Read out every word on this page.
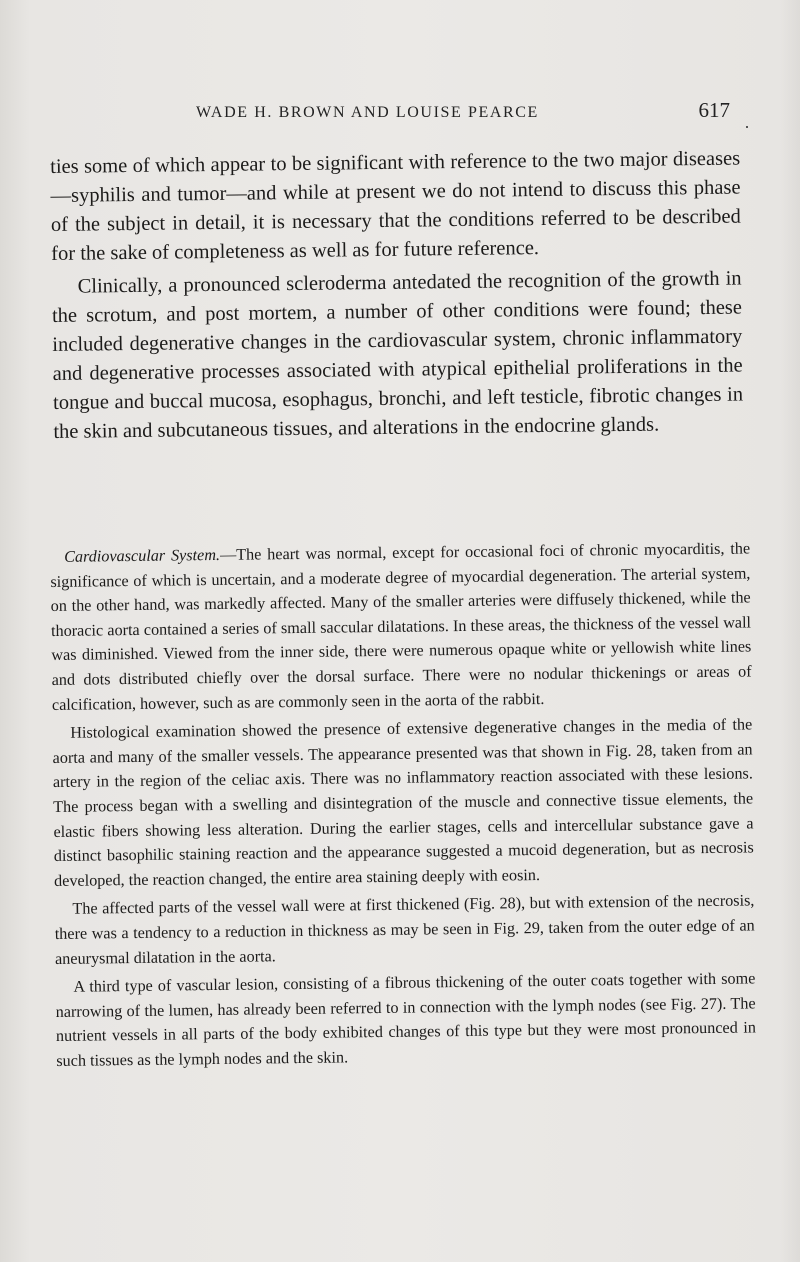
WADE H. BROWN AND LOUISE PEARCE	617

ties some of which appear to be significant with reference to the two major diseases—syphilis and tumor—and while at present we do not intend to discuss this phase of the subject in detail, it is necessary that the conditions referred to be described for the sake of completeness as well as for future reference.

Clinically, a pronounced scleroderma antedated the recognition of the growth in the scrotum, and post mortem, a number of other conditions were found; these included degenerative changes in the cardiovascular system, chronic inflammatory and degenerative processes associated with atypical epithelial proliferations in the tongue and buccal mucosa, esophagus, bronchi, and left testicle, fibrotic changes in the skin and subcutaneous tissues, and alterations in the endocrine glands.

Cardiovascular System.—The heart was normal, except for occasional foci of chronic myocarditis, the significance of which is uncertain, and a moderate degree of myocardial degeneration. The arterial system, on the other hand, was markedly affected. Many of the smaller arteries were diffusely thickened, while the thoracic aorta contained a series of small saccular dilatations. In these areas, the thickness of the vessel wall was diminished. Viewed from the inner side, there were numerous opaque white or yellowish white lines and dots distributed chiefly over the dorsal surface. There were no nodular thickenings or areas of calcification, however, such as are commonly seen in the aorta of the rabbit.

Histological examination showed the presence of extensive degenerative changes in the media of the aorta and many of the smaller vessels. The appearance presented was that shown in Fig. 28, taken from an artery in the region of the celiac axis. There was no inflammatory reaction associated with these lesions. The process began with a swelling and disintegration of the muscle and connective tissue elements, the elastic fibers showing less alteration. During the earlier stages, cells and intercellular substance gave a distinct basophilic staining reaction and the appearance suggested a mucoid degeneration, but as necrosis developed, the reaction changed, the entire area staining deeply with eosin.

The affected parts of the vessel wall were at first thickened (Fig. 28), but with extension of the necrosis, there was a tendency to a reduction in thickness as may be seen in Fig. 29, taken from the outer edge of an aneurysmal dilatation in the aorta.

A third type of vascular lesion, consisting of a fibrous thickening of the outer coats together with some narrowing of the lumen, has already been referred to in connection with the lymph nodes (see Fig. 27). The nutrient vessels in all parts of the body exhibited changes of this type but they were most pronounced in such tissues as the lymph nodes and the skin.
